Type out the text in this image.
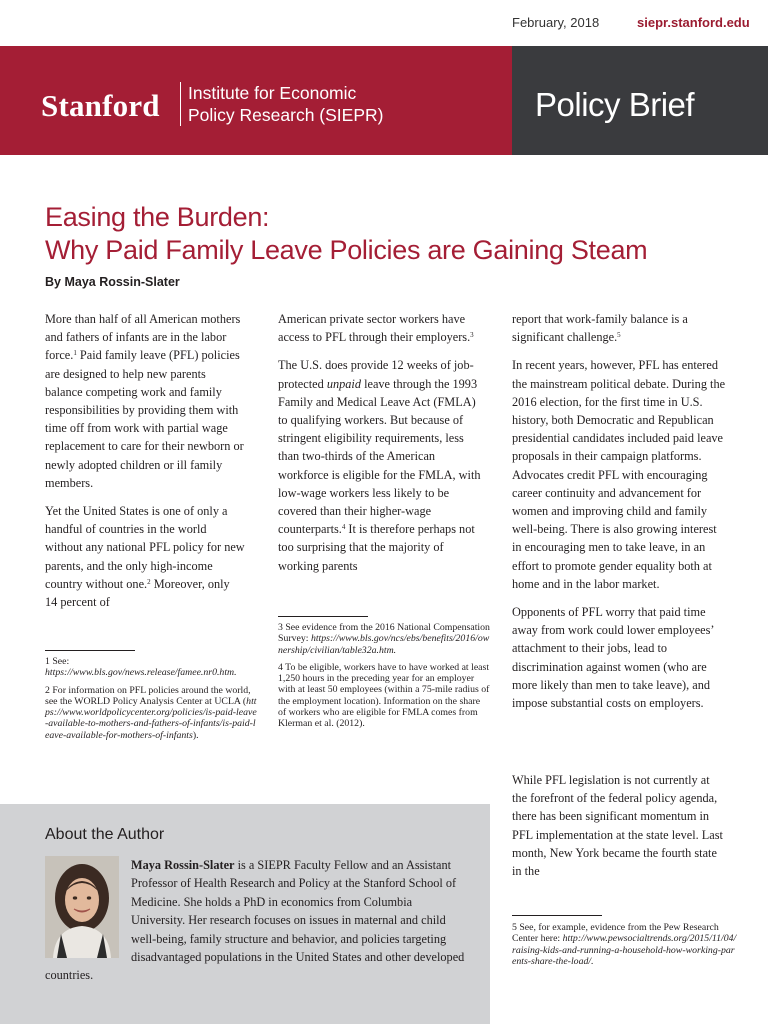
February, 2018	siepr.stanford.edu
Stanford Institute for Economic
Policy Research (SIEPR)	Policy Brief
Easing the Burden:
Why Paid Family Leave Policies are Gaining Steam
By Maya Rossin-Slater

More than half of all American mothers and fathers of infants are in the labor force.$^1$ Paid family leave (PFL) policies are designed to help new parents balance competing work and family responsibilities by providing them with time off from work with partial wage replacement to care for their newborn or newly adopted children or ill family members.

Yet the United States is one of only a handful of countries in the world without any national PFL policy for new parents, and the only high-income country without one.$^2$ Moreover, only 14 percent of

American private sector workers have access to PFL through their employers.$^3$

The U.S. does provide 12 weeks of job-protected unpaid leave through the 1993 Family and Medical Leave Act (FMLA) to qualifying workers. But because of stringent eligibility requirements, less than two-thirds of the American workforce is eligible for the FMLA, with low-wage workers less likely to be covered than their higher-wage counterparts.$^4$ It is therefore perhaps not too surprising that the majority of working parents

report that work-family balance is a significant challenge.$^5$

In recent years, however, PFL has entered the mainstream political debate. During the 2016 election, for the first time in U.S. history, both Democratic and Republican presidential candidates included paid leave proposals in their campaign platforms. Advocates credit PFL with encouraging career continuity and advancement for women and improving child and family well-being. There is also growing interest in encouraging men to take leave, in an effort to promote gender equality both at home and in the labor market.

Opponents of PFL worry that paid time away from work could lower employees’ attachment to their jobs, lead to discrimination against women (who are more likely than men to take leave), and impose substantial costs on employers.

While PFL legislation is not currently at the forefront of the federal policy agenda, there has been significant momentum in PFL implementation at the state level. Last month, New York became the fourth state in the

1 See: https://www.bls.gov/news.release/famee.nr0.htm.

2 For information on PFL policies around the world, see the WORLD Policy Analysis Center at UCLA (https://www.worldpolicycenter.org/policies/is-paid-leave-available-to-mothers-and-fathers-of-infants/is-paid-leave-available-for-mothers-of-infants).

3 See evidence from the 2016 National Compensation Survey: https://www.bls.gov/ncs/ebs/benefits/2016/ownership/civilian/table32a.htm.

4 To be eligible, workers have to have worked at least 1,250 hours in the preceding year for an employer with at least 50 employees (within a 75-mile radius of the employment location). Information on the share of workers who are eligible for FMLA comes from Klerman et al. (2012).

5 See, for example, evidence from the Pew Research Center here: http://www.pewsocialtrends.org/2015/11/04/raising-kids-and-running-a-household-how-working-parents-share-the-load/.

About the Author
Maya Rossin-Slater is a SIEPR Faculty Fellow and an Assistant Professor of Health Research and Policy at the Stanford School of Medicine. She holds a PhD in economics from Columbia University. Her research focuses on issues in maternal and child well-being, family structure and behavior, and policies targeting disadvantaged populations in the United States and other developed countries.
